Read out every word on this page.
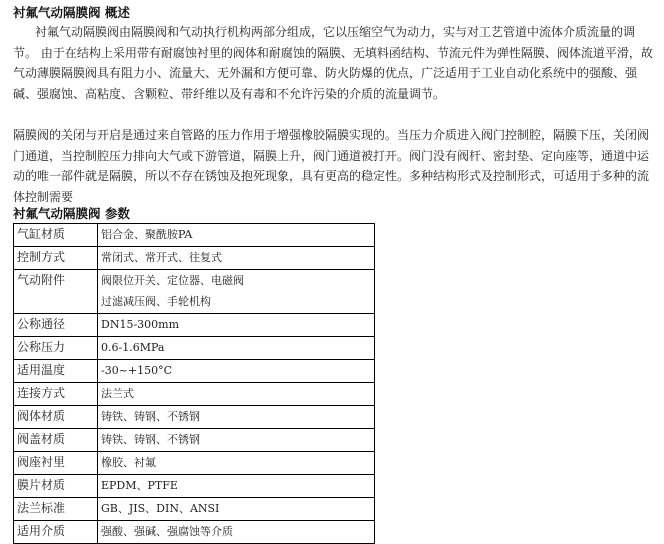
衬氟气动隔膜阀 概述

衬氟气动隔膜阀由隔膜阀和气动执行机构两部分组成，它以压缩空气为动力，实与对工艺管道中流体介质流量的调节。 由于在结构上采用带有耐腐蚀衬里的阀体和耐腐蚀的隔膜、无填料函结构、节流元件为弹性隔膜、阀体流道平滑，故气动薄膜隔膜阀具有阻力小、流量大、无外漏和方便可靠、防火防爆的优点，广泛适用于工业自动化系统中的强酸、强碱、强腐蚀、高粘度、含颗粒、带纤维以及有毒和不允许污染的介质的流量调节。

隔膜阀的关闭与开启是通过来自管路的压力作用于增强橡胶隔膜实现的。当压力介质进入阀门控制腔，隔膜下压，关闭阀门通道，当控制腔压力排向大气或下游管道，隔膜上升，阀门通道被打开。阀门没有阀杆、密封垫、定向座等，通道中运动的唯一部件就是隔膜，所以不存在锈蚀及抱死现象，具有更高的稳定性。多种结构形式及控制形式，可适用于多种的流体控制需要

衬氟气动隔膜阀 参数

气缸材质	铝合金、聚酰胺PA
控制方式	常闭式、常开式、往复式
气动附件	阀限位开关、定位器、电磁阀
过滤减压阀、手轮机构

公称通径	DN15-300mm
公称压力	0.6-1.6MPa
适用温度	-30~+150°C
连接方式	法兰式
阀体材质	铸铁、铸钢、不锈钢
阀盖材质	铸铁、铸钢、不锈钢
阀座衬里	橡胶、衬氟
膜片材质	EPDM、PTFE
法兰标准	GB、JIS、DIN、ANSI
适用介质	强酸、强碱、强腐蚀等介质
